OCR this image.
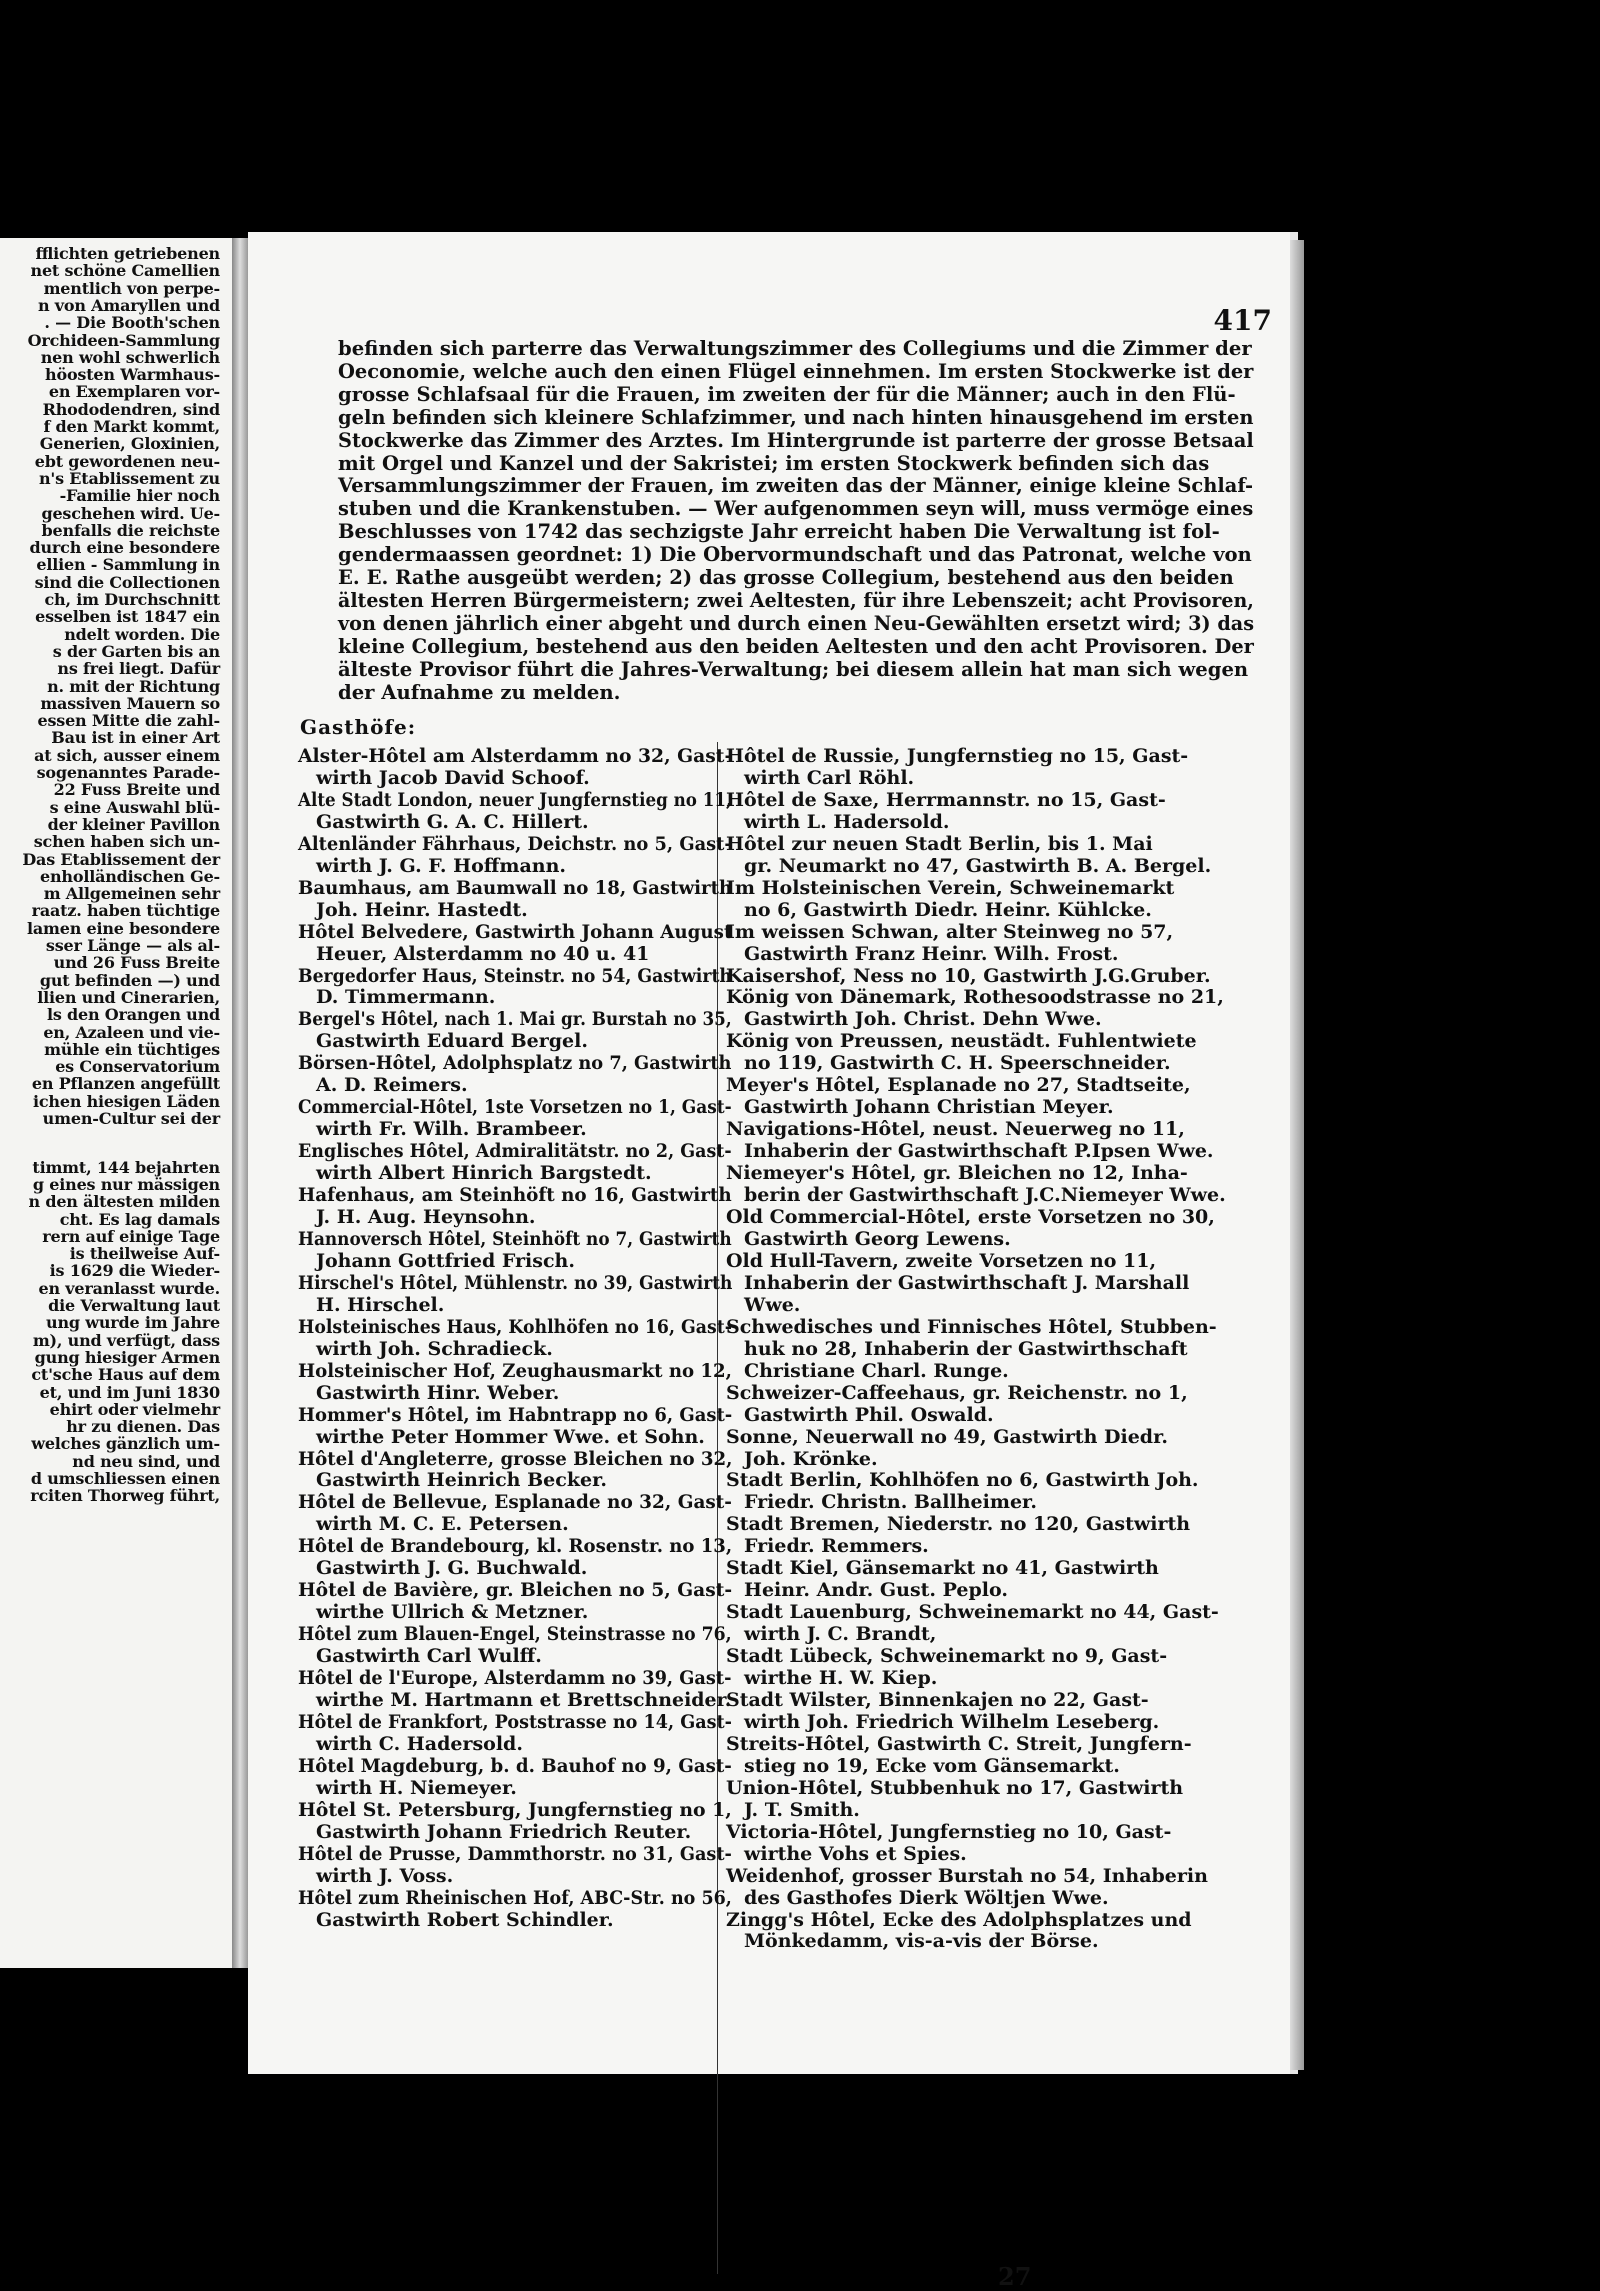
ﬄichten getriebenen
net schöne Camellien
mentlich von perpe-
n von Amaryllen und
. — Die Booth'schen
Orchideen-Sammlung
nen wohl schwerlich
höosten Warmhaus-
en Exemplaren vor-
Rhododendren, sind
f den Markt kommt,
Generien, Gloxinien,
ebt gewordenen neu-
n's Etablissement zu
-Familie hier noch
geschehen wird. Ue-
benfalls die reichste
durch eine besondere
ellien - Sammlung in
sind die Collectionen
ch, im Durchschnitt
esselben ist 1847 ein
ndelt worden. Die
s der Garten bis an
ns frei liegt. Dafür
n. mit der Richtung
massiven Mauern so
essen Mitte die zahl-
Bau ist in einer Art
at sich, ausser einem
sogenanntes Parade-
22 Fuss Breite und
s eine Auswahl blü-
der kleiner Pavillon
schen haben sich un-
Das Etablissement der
enholländischen Ge-
m Allgemeinen sehr
raatz. haben tüchtige
lamen eine besondere
sser Länge — als al-
und 26 Fuss Breite
gut befinden —) und
llien und Cinerarien,
ls den Orangen und
en, Azaleen und vie-
mühle ein tüchtiges
es Conservatorium
en Pflanzen angefüllt
ichen hiesigen Läden
umen-Cultur sei der
timmt, 144 bejahrten
g eines nur mässigen
n den ältesten milden
cht. Es lag damals
rern auf einige Tage
is theilweise Auf-
is 1629 die Wieder-
en veranlasst wurde.
die Verwaltung laut
ung wurde im Jahre
m), und verfügt, dass
gung hiesiger Armen
ct'sche Haus auf dem
et, und im Juni 1830
ehirt oder vielmehr
hr zu dienen. Das
welches gänzlich um-
nd neu sind, und
d umschliessen einen
rciten Thorweg führt,
417
befinden sich parterre das Verwaltungszimmer des Collegiums und die Zimmer der
Oeconomie, welche auch den einen Flügel einnehmen. Im ersten Stockwerke ist der
grosse Schlafsaal für die Frauen, im zweiten der für die Männer; auch in den Flü-
geln befinden sich kleinere Schlafzimmer, und nach hinten hinausgehend im ersten
Stockwerke das Zimmer des Arztes. Im Hintergrunde ist parterre der grosse Betsaal
mit Orgel und Kanzel und der Sakristei; im ersten Stockwerk befinden sich das
Versammlungszimmer der Frauen, im zweiten das der Männer, einige kleine Schlaf-
stuben und die Krankenstuben. — Wer aufgenommen seyn will, muss vermöge eines
Beschlusses von 1742 das sechzigste Jahr erreicht haben Die Verwaltung ist fol-
gendermaassen geordnet: 1) Die Obervormundschaft und das Patronat, welche von
E. E. Rathe ausgeübt werden; 2) das grosse Collegium, bestehend aus den beiden
ältesten Herren Bürgermeistern; zwei Aeltesten, für ihre Lebenszeit; acht Provisoren,
von denen jährlich einer abgeht und durch einen Neu-Gewählten ersetzt wird; 3) das
kleine Collegium, bestehend aus den beiden Aeltesten und den acht Provisoren. Der
älteste Provisor führt die Jahres-Verwaltung; bei diesem allein hat man sich wegen
der Aufnahme zu melden.
Gasthöfe:
Alster-Hôtel am Alsterdamm no 32, Gast-
wirth Jacob David Schoof.
Alte Stadt London, neuer Jungfernstieg no 11,
Gastwirth G. A. C. Hillert.
Altenländer Fährhaus, Deichstr. no 5, Gast-
wirth J. G. F. Hoffmann.
Baumhaus, am Baumwall no 18, Gastwirth
Joh. Heinr. Hastedt.
Hôtel Belvedere, Gastwirth Johann August
Heuer, Alsterdamm no 40 u. 41
Bergedorfer Haus, Steinstr. no 54, Gastwirth
D. Timmermann.
Bergel's Hôtel, nach 1. Mai gr. Burstah no 35,
Gastwirth Eduard Bergel.
Börsen-Hôtel, Adolphsplatz no 7, Gastwirth
A. D. Reimers.
Commercial-Hôtel, 1ste Vorsetzen no 1, Gast-
wirth Fr. Wilh. Brambeer.
Englisches Hôtel, Admiralitätstr. no 2, Gast-
wirth Albert Hinrich Bargstedt.
Hafenhaus, am Steinhöft no 16, Gastwirth
J. H. Aug. Heynsohn.
Hannoversch Hôtel, Steinhöft no 7, Gastwirth
Johann Gottfried Frisch.
Hirschel's Hôtel, Mühlenstr. no 39, Gastwirth
H. Hirschel.
Holsteinisches Haus, Kohlhöfen no 16, Gast-
wirth Joh. Schradieck.
Holsteinischer Hof, Zeughausmarkt no 12,
Gastwirth Hinr. Weber.
Hommer's Hôtel, im Habntrapp no 6, Gast-
wirthe Peter Hommer Wwe. et Sohn.
Hôtel d'Angleterre, grosse Bleichen no 32,
Gastwirth Heinrich Becker.
Hôtel de Bellevue, Esplanade no 32, Gast-
wirth M. C. E. Petersen.
Hôtel de Brandebourg, kl. Rosenstr. no 13,
Gastwirth J. G. Buchwald.
Hôtel de Bavière, gr. Bleichen no 5, Gast-
wirthe Ullrich & Metzner.
Hôtel zum Blauen-Engel, Steinstrasse no 76,
Gastwirth Carl Wulff.
Hôtel de l'Europe, Alsterdamm no 39, Gast-
wirthe M. Hartmann et Brettschneider.
Hôtel de Frankfort, Poststrasse no 14, Gast-
wirth C. Hadersold.
Hôtel Magdeburg, b. d. Bauhof no 9, Gast-
wirth H. Niemeyer.
Hôtel St. Petersburg, Jungfernstieg no 1,
Gastwirth Johann Friedrich Reuter.
Hôtel de Prusse, Dammthorstr. no 31, Gast-
wirth J. Voss.
Hôtel zum Rheinischen Hof, ABC-Str. no 56,
Gastwirth Robert Schindler.
Hôtel de Russie, Jungfernstieg no 15, Gast-
wirth Carl Röhl.
Hôtel de Saxe, Herrmannstr. no 15, Gast-
wirth L. Hadersold.
Hôtel zur neuen Stadt Berlin, bis 1. Mai
gr. Neumarkt no 47, Gastwirth B. A. Bergel.
Im Holsteinischen Verein, Schweinemarkt
no 6, Gastwirth Diedr. Heinr. Kühlcke.
Im weissen Schwan, alter Steinweg no 57,
Gastwirth Franz Heinr. Wilh. Frost.
Kaisershof, Ness no 10, Gastwirth J.G.Gruber.
König von Dänemark, Rothesoodstrasse no 21,
Gastwirth Joh. Christ. Dehn Wwe.
König von Preussen, neustädt. Fuhlentwiete
no 119, Gastwirth C. H. Speerschneider.
Meyer's Hôtel, Esplanade no 27, Stadtseite,
Gastwirth Johann Christian Meyer.
Navigations-Hôtel, neust. Neuerweg no 11,
Inhaberin der Gastwirthschaft P.Ipsen Wwe.
Niemeyer's Hôtel, gr. Bleichen no 12, Inha-
berin der Gastwirthschaft J.C.Niemeyer Wwe.
Old Commercial-Hôtel, erste Vorsetzen no 30,
Gastwirth Georg Lewens.
Old Hull-Tavern, zweite Vorsetzen no 11,
Inhaberin der Gastwirthschaft J. Marshall
Wwe.
Schwedisches und Finnisches Hôtel, Stubben-
huk no 28, Inhaberin der Gastwirthschaft
Christiane Charl. Runge.
Schweizer-Caffeehaus, gr. Reichenstr. no 1,
Gastwirth Phil. Oswald.
Sonne, Neuerwall no 49, Gastwirth Diedr.
Joh. Krönke.
Stadt Berlin, Kohlhöfen no 6, Gastwirth Joh.
Friedr. Christn. Ballheimer.
Stadt Bremen, Niederstr. no 120, Gastwirth
Friedr. Remmers.
Stadt Kiel, Gänsemarkt no 41, Gastwirth
Heinr. Andr. Gust. Peplo.
Stadt Lauenburg, Schweinemarkt no 44, Gast-
wirth J. C. Brandt,
Stadt Lübeck, Schweinemarkt no 9, Gast-
wirthe H. W. Kiep.
Stadt Wilster, Binnenkajen no 22, Gast-
wirth Joh. Friedrich Wilhelm Leseberg.
Streits-Hôtel, Gastwirth C. Streit, Jungfern-
stieg no 19, Ecke vom Gänsemarkt.
Union-Hôtel, Stubbenhuk no 17, Gastwirth
J. T. Smith.
Victoria-Hôtel, Jungfernstieg no 10, Gast-
wirthe Vohs et Spies.
Weidenhof, grosser Burstah no 54, Inhaberin
des Gasthofes Dierk Wöltjen Wwe.
Zingg's Hôtel, Ecke des Adolphsplatzes und
Mönkedamm, vis-a-vis der Börse.
27
